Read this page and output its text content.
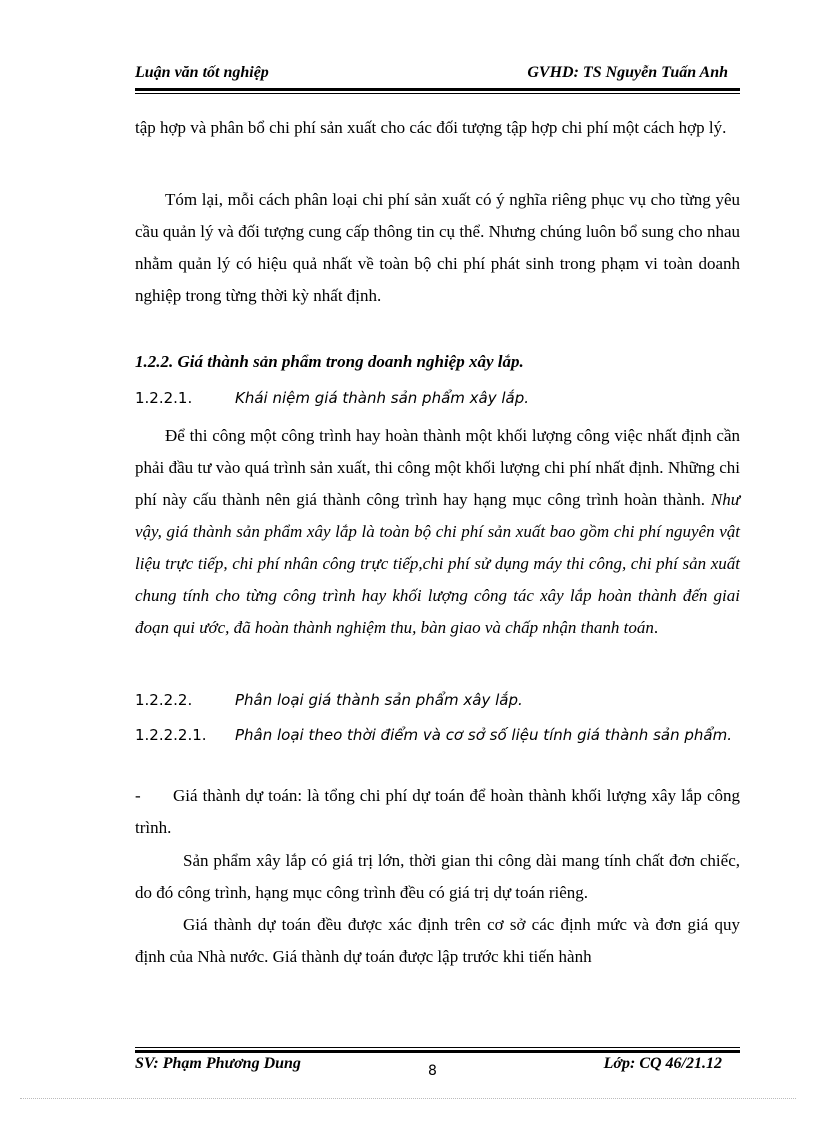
Luận văn tốt nghiệp	GVHD: TS Nguyễn Tuấn Anh

tập hợp và phân bổ chi phí sản xuất cho các đối tượng tập hợp chi phí một cách hợp lý.

Tóm lại, mỗi cách phân loại chi phí sản xuất có ý nghĩa riêng phục vụ cho từng yêu cầu quản lý và đối tượng cung cấp thông tin cụ thể. Nhưng chúng luôn bổ sung cho nhau nhằm quản lý có hiệu quả nhất về toàn bộ chi phí phát sinh trong phạm vi toàn doanh nghiệp trong từng thời kỳ nhất định.

1.2.2. Giá thành sản phẩm trong doanh nghiệp xây lắp.
1.2.2.1.	Khái niệm giá thành sản phẩm xây lắp.

Để thi công một công trình hay hoàn thành một khối lượng công việc nhất định cần phải đầu tư vào quá trình sản xuất, thi công một khối lượng chi phí nhất định. Những chi phí này cấu thành nên giá thành công trình hay hạng mục công trình hoàn thành. Như vậy, giá thành sản phẩm xây lắp là toàn bộ chi phí sản xuất bao gồm chi phí nguyên vật liệu trực tiếp, chi phí nhân công trực tiếp,chi phí sử dụng máy thi công, chi phí sản xuất chung tính cho từng công trình hay khối lượng công tác xây lắp hoàn thành đến giai đoạn qui ước, đã hoàn thành nghiệm thu, bàn giao và chấp nhận thanh toán.

1.2.2.2.	Phân loại giá thành sản phẩm xây lắp.
1.2.2.2.1. Phân loại theo thời điểm và cơ sở số liệu tính giá thành sản phẩm.

- Giá thành dự toán: là tổng chi phí dự toán để hoàn thành khối lượng xây lắp công trình.

Sản phẩm xây lắp có giá trị lớn, thời gian thi công dài mang tính chất đơn chiếc, do đó công trình, hạng mục công trình đều có giá trị dự toán riêng.

Giá thành dự toán đều được xác định trên cơ sở các định mức và đơn giá quy định của Nhà nước. Giá thành dự toán được lập trước khi tiến hành

SV: Phạm Phương Dung	Lớp: CQ 46/21.12
8
